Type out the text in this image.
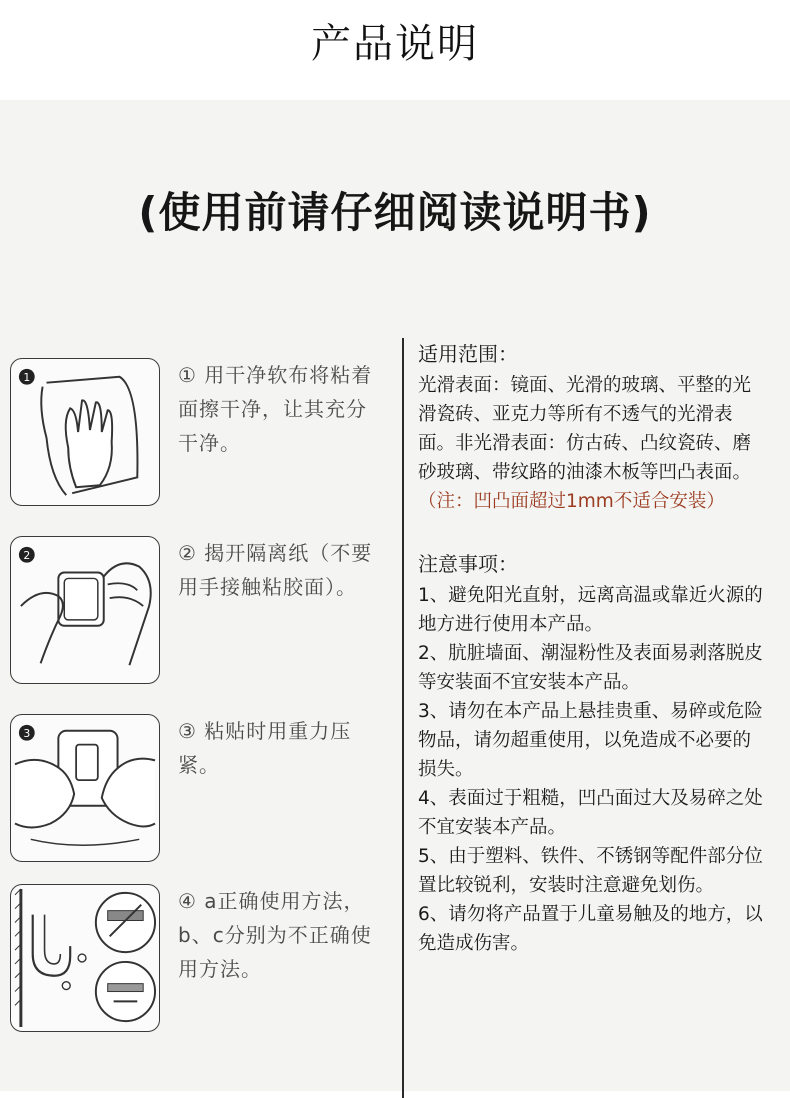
产品说明
(使用前请仔细阅读说明书)
1	① 用干净软布将粘着面擦干净，让其充分干净。
2	② 揭开隔离纸（不要用手接触粘胶面）。
3	③ 粘贴时用重力压紧。
④ a正确使用方法，b、c分别为不正确使用方法。
适用范围：

光滑表面：镜面、光滑的玻璃、平整的光滑瓷砖、亚克力等所有不透气的光滑表面。非光滑表面：仿古砖、凸纹瓷砖、磨砂玻璃、带纹路的油漆木板等凹凸表面。

（注：凹凸面超过1mm不适合安装）

注意事项：

1、避免阳光直射，远离高温或靠近火源的地方进行使用本产品。

2、肮脏墙面、潮湿粉性及表面易剥落脱皮等安装面不宜安装本产品。

3、请勿在本产品上悬挂贵重、易碎或危险物品，请勿超重使用，以免造成不必要的损失。

4、表面过于粗糙，凹凸面过大及易碎之处不宜安装本产品。

5、由于塑料、铁件、不锈钢等配件部分位置比较锐利，安装时注意避免划伤。

6、请勿将产品置于儿童易触及的地方，以免造成伤害。
